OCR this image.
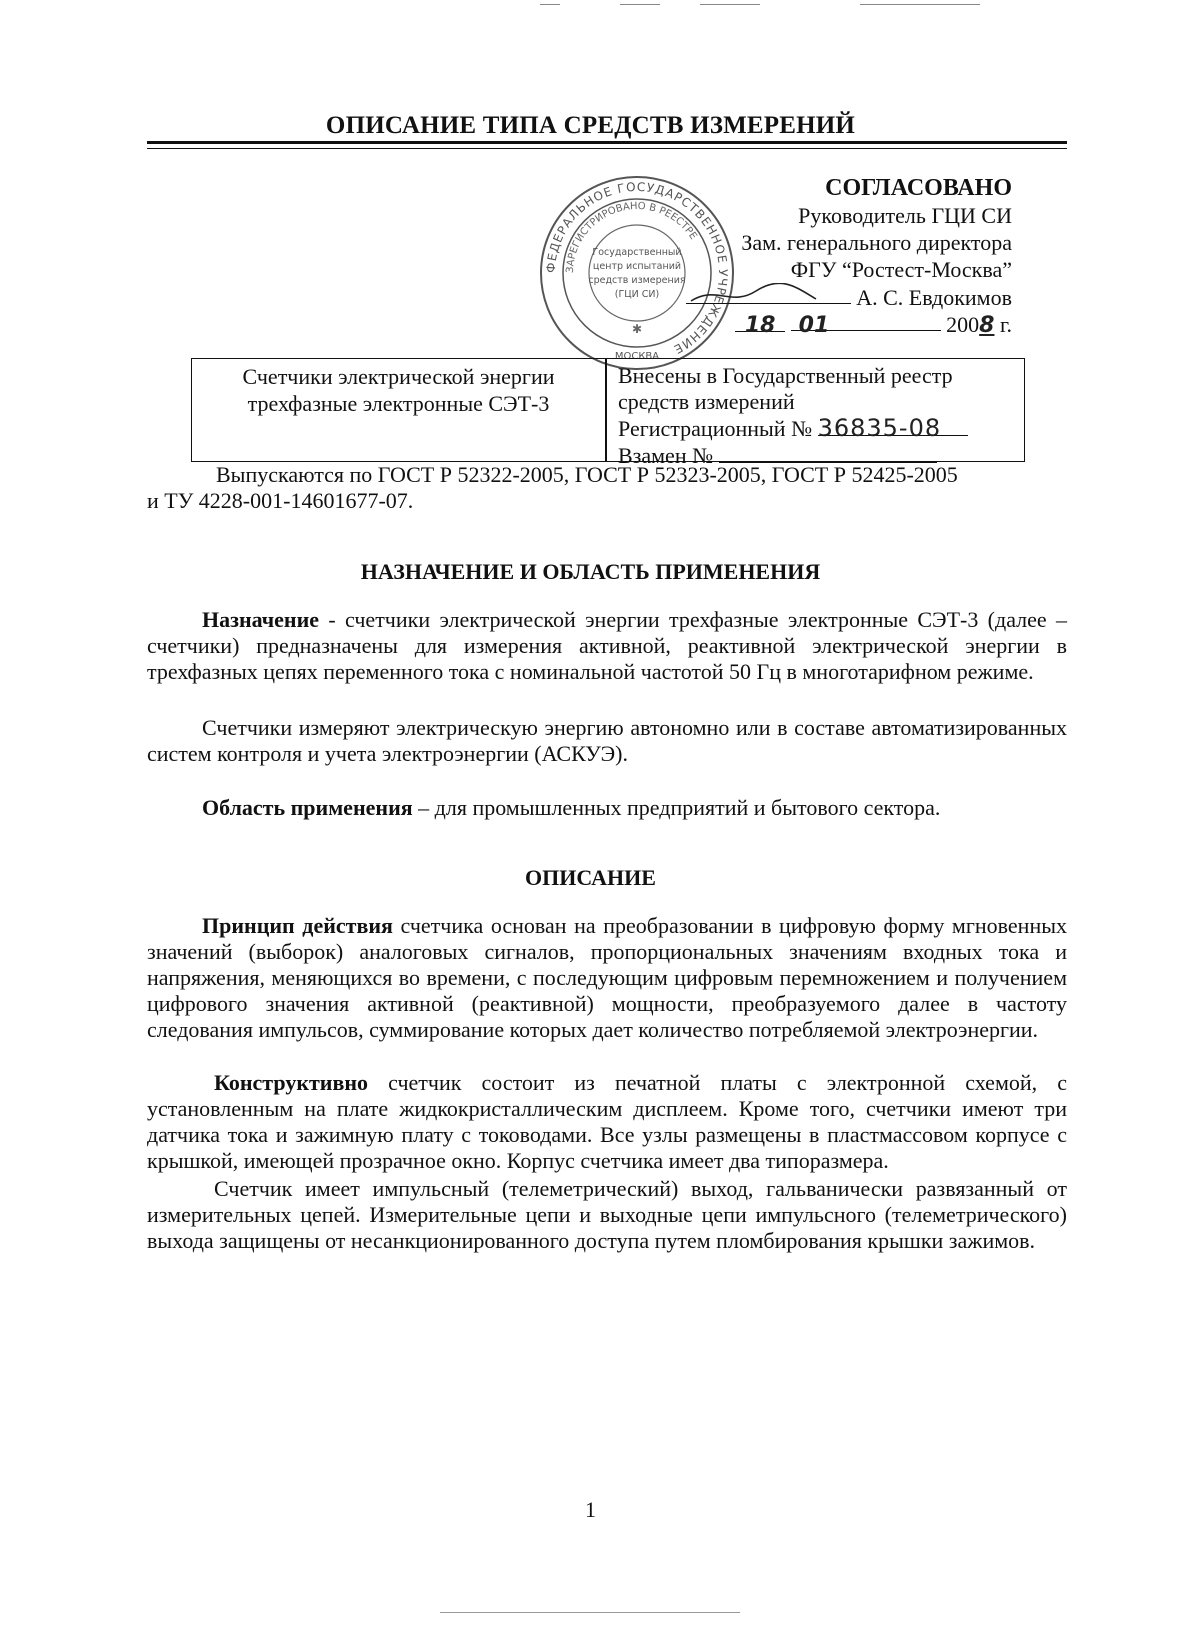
ОПИСАНИЕ ТИПА СРЕДСТВ ИЗМЕРЕНИЙ
ФЕДЕРАЛЬНОЕ ГОСУДАРСТВЕННОЕ УЧРЕЖДЕНИЕ
ЗАРЕГИСТРИРОВАНО В РЕЕСТРЕ
Государственный
центр испытаний
средств измерения
(ГЦИ СИ)
МОСКВА
✱
СОГЛАСОВАНО
Руководитель ГЦИ СИ
Зам. генерального директора
ФГУ “Ростест-Москва”
А. С. Евдокимов
18 01	2008 г.
Счетчики электрической энергии
трехфазные электронные СЭТ-3
Внесены в Государственный реестр
средств измерений
Регистрационный № 36835-08
Взамен №
Выпускаются по ГОСТ Р 52322-2005, ГОСТ Р 52323-2005, ГОСТ Р 52425-2005
и ТУ 4228-001-14601677-07.
НАЗНАЧЕНИЕ И ОБЛАСТЬ ПРИМЕНЕНИЯ
Назначение - счетчики электрической энергии трехфазные электронные СЭТ-3 (далее – счетчики) предназначены для измерения активной, реактивной электрической энергии в трехфазных цепях переменного тока с номинальной частотой 50 Гц в многотарифном режиме.
Счетчики измеряют электрическую энергию автономно или в составе автоматизированных систем контроля и учета электроэнергии (АСКУЭ).
Область применения – для промышленных предприятий и бытового сектора.
ОПИСАНИЕ
Принцип действия счетчика основан на преобразовании в цифровую форму мгновенных значений (выборок) аналоговых сигналов, пропорциональных значениям входных тока и напряжения, меняющихся во времени, с последующим цифровым перемножением и получением цифрового значения активной (реактивной) мощности, преобразуемого далее в частоту следования импульсов, суммирование которых дает количество потребляемой электроэнергии.
Конструктивно счетчик состоит из печатной платы с электронной схемой, с установленным на плате жидкокристаллическим дисплеем. Кроме того, счетчики имеют три датчика тока и зажимную плату с тоководами. Все узлы размещены в пластмассовом корпусе с крышкой, имеющей прозрачное окно. Корпус счетчика имеет два типоразмера.
Счетчик имеет импульсный (телеметрический) выход, гальванически развязанный от измерительных цепей. Измерительные цепи и выходные цепи импульсного (телеметрического) выхода защищены от несанкционированного доступа путем пломбирования крышки зажимов.
1
